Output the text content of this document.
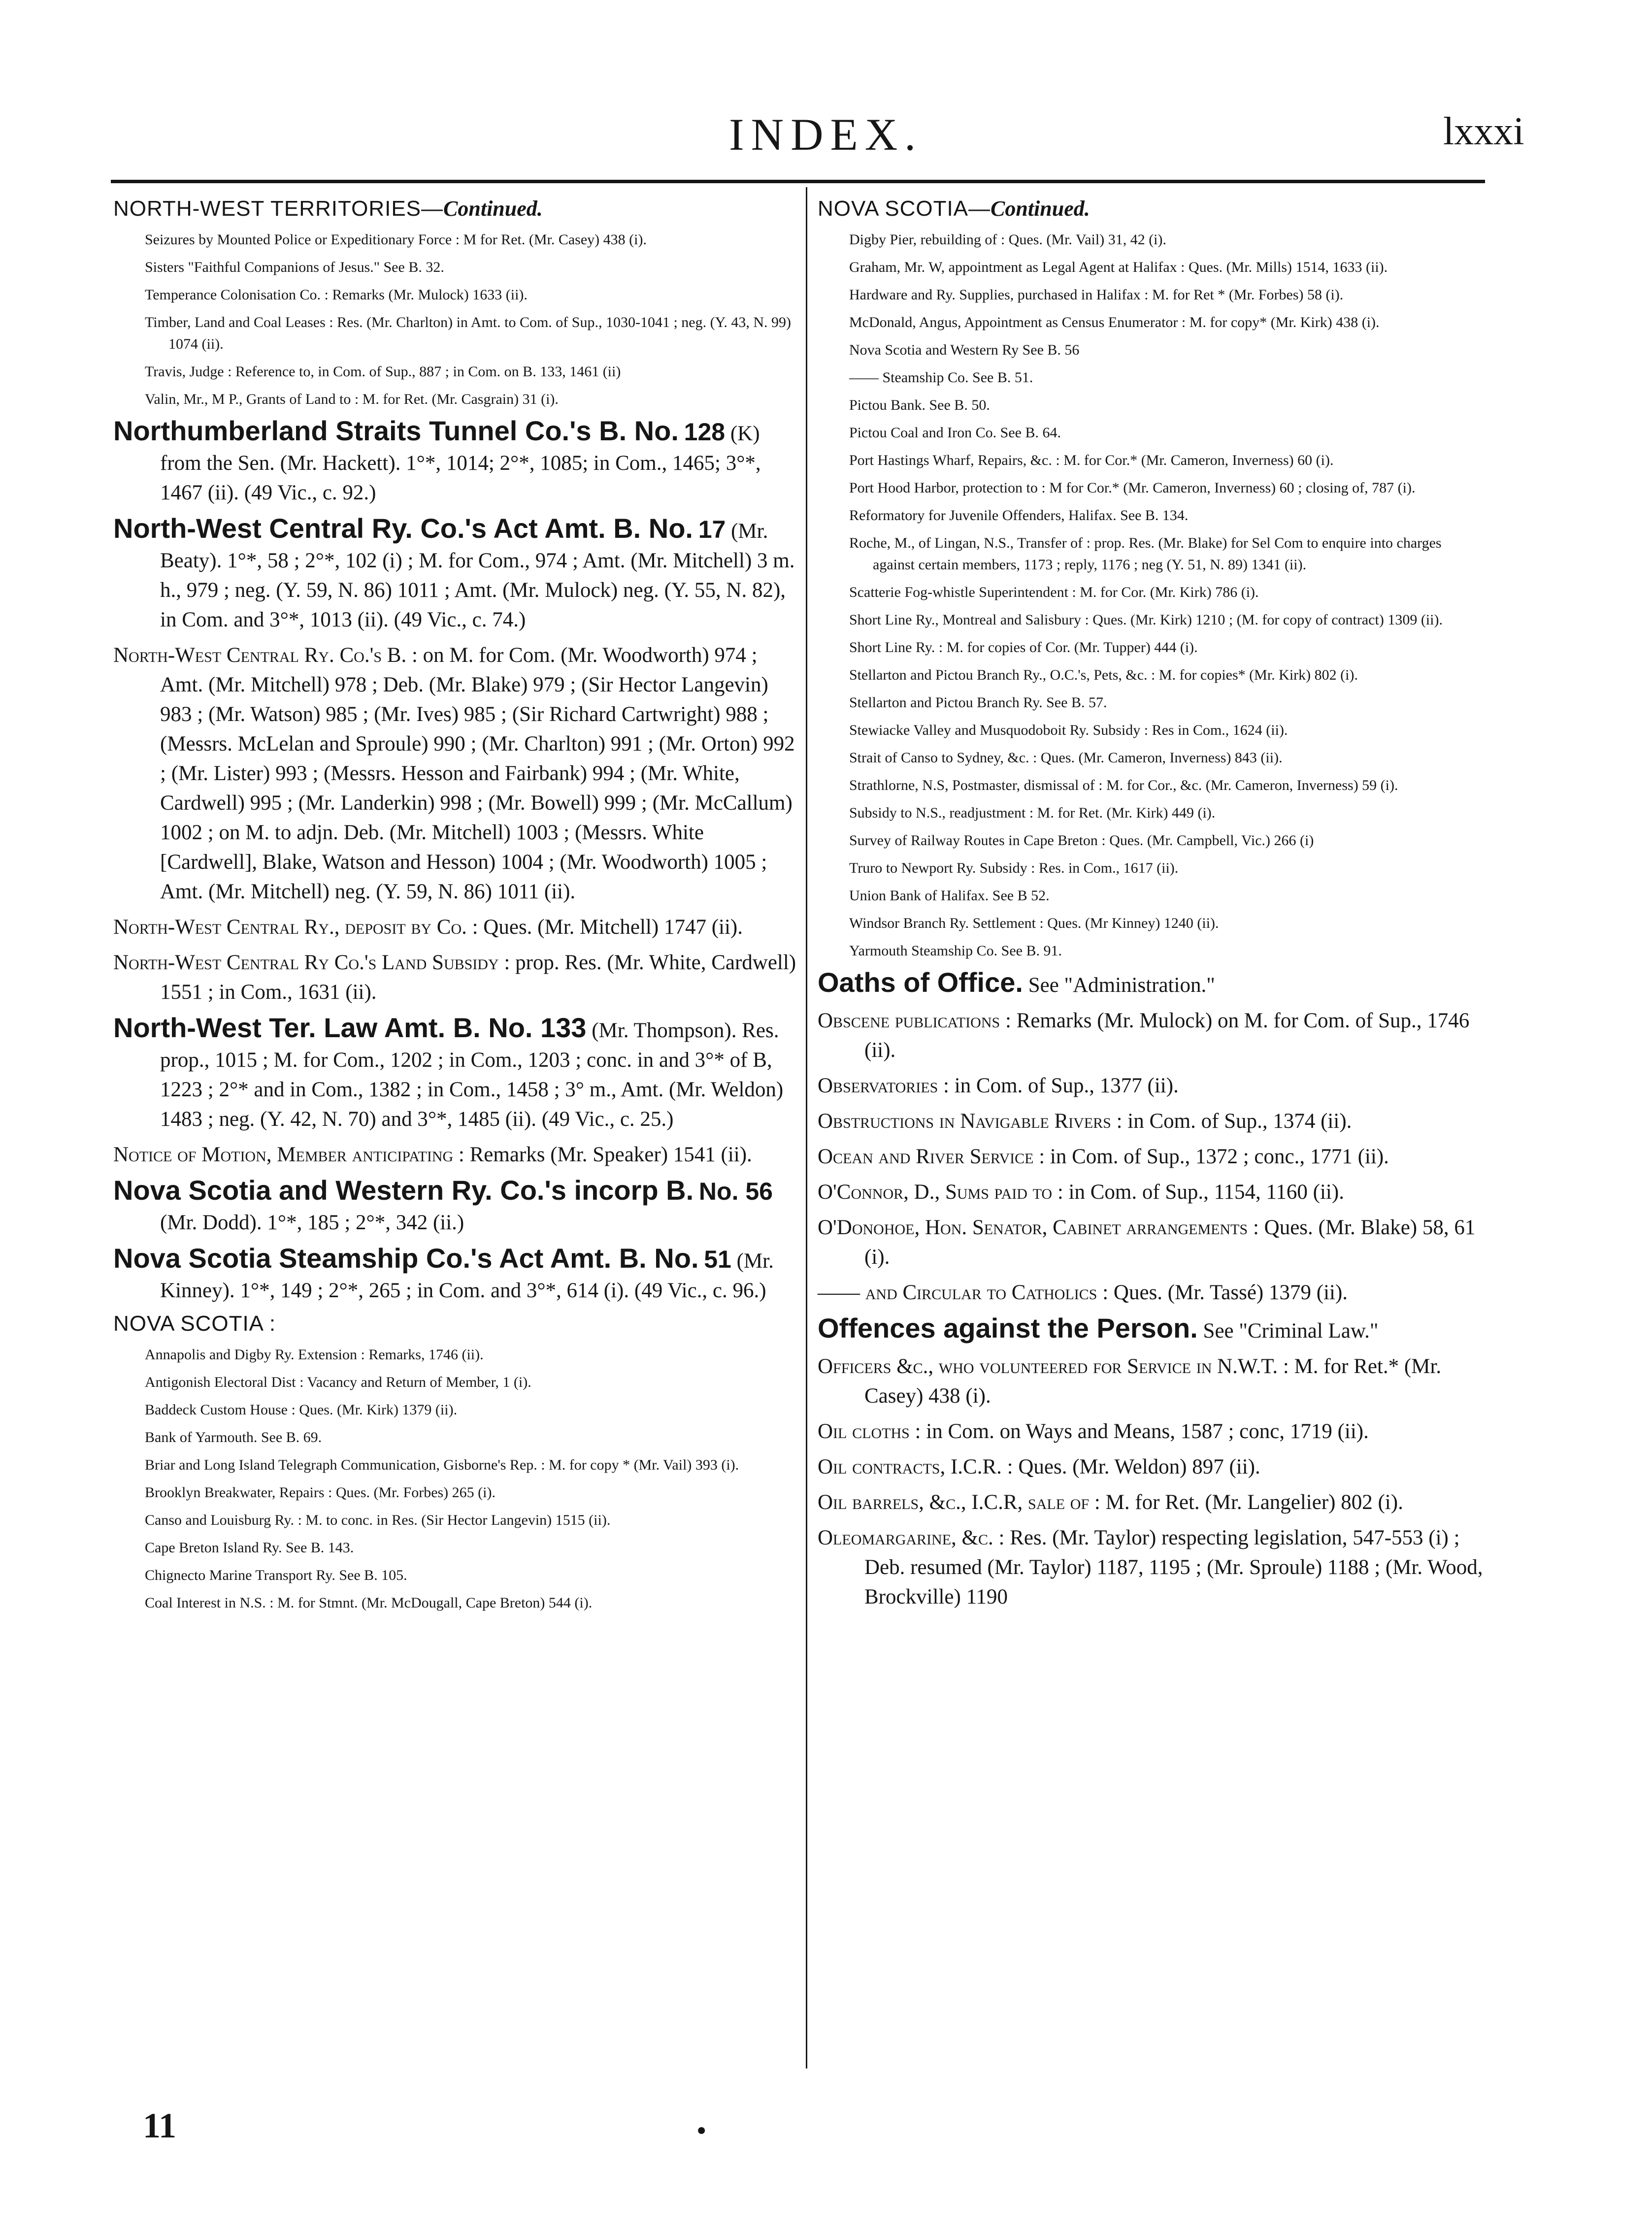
INDEX.	lxxxi
NORTH-WEST TERRITORIES—Continued.

Seizures by Mounted Police or Expeditionary Force : M for Ret. (Mr. Casey) 438 (i).

Sisters "Faithful Companions of Jesus." See B. 32.

Temperance Colonisation Co. : Remarks (Mr. Mulock) 1633 (ii).

Timber, Land and Coal Leases : Res. (Mr. Charlton) in Amt. to Com. of Sup., 1030-1041 ; neg. (Y. 43, N. 99) 1074 (ii).

Travis, Judge : Reference to, in Com. of Sup., 887 ; in Com. on B. 133, 1461 (ii)

Valin, Mr., M P., Grants of Land to : M. for Ret. (Mr. Casgrain) 31 (i).

Northumberland Straits Tunnel Co.'s B. No. 128 (K) from the Sen. (Mr. Hackett). 1°*, 1014; 2°*, 1085; in Com., 1465; 3°*, 1467 (ii). (49 Vic., c. 92.)

North-West Central Ry. Co.'s Act Amt. B. No. 17 (Mr. Beaty). 1°*, 58 ; 2°*, 102 (i) ; M. for Com., 974 ; Amt. (Mr. Mitchell) 3 m. h., 979 ; neg. (Y. 59, N. 86) 1011 ; Amt. (Mr. Mulock) neg. (Y. 55, N. 82), in Com. and 3°*, 1013 (ii). (49 Vic., c. 74.)

North-West Central Ry. Co.'s B. : on M. for Com. (Mr. Woodworth) 974 ; Amt. (Mr. Mitchell) 978 ; Deb. (Mr. Blake) 979 ; (Sir Hector Langevin) 983 ; (Mr. Watson) 985 ; (Mr. Ives) 985 ; (Sir Richard Cartwright) 988 ; (Messrs. McLelan and Sproule) 990 ; (Mr. Charlton) 991 ; (Mr. Orton) 992 ; (Mr. Lister) 993 ; (Messrs. Hesson and Fairbank) 994 ; (Mr. White, Cardwell) 995 ; (Mr. Landerkin) 998 ; (Mr. Bowell) 999 ; (Mr. McCallum) 1002 ; on M. to adjn. Deb. (Mr. Mitchell) 1003 ; (Messrs. White [Cardwell], Blake, Watson and Hesson) 1004 ; (Mr. Woodworth) 1005 ; Amt. (Mr. Mitchell) neg. (Y. 59, N. 86) 1011 (ii).

North-West Central Ry., deposit by Co. : Ques. (Mr. Mitchell) 1747 (ii).

North-West Central Ry Co.'s Land Subsidy : prop. Res. (Mr. White, Cardwell) 1551 ; in Com., 1631 (ii).

North-West Ter. Law Amt. B. No. 133 (Mr. Thompson). Res. prop., 1015 ; M. for Com., 1202 ; in Com., 1203 ; conc. in and 3°* of B, 1223 ; 2°* and in Com., 1382 ; in Com., 1458 ; 3° m., Amt. (Mr. Weldon) 1483 ; neg. (Y. 42, N. 70) and 3°*, 1485 (ii). (49 Vic., c. 25.)

Notice of Motion, Member anticipating : Remarks (Mr. Speaker) 1541 (ii).

Nova Scotia and Western Ry. Co.'s incorp B. No. 56 (Mr. Dodd). 1°*, 185 ; 2°*, 342 (ii.)

Nova Scotia Steamship Co.'s Act Amt. B. No. 51 (Mr. Kinney). 1°*, 149 ; 2°*, 265 ; in Com. and 3°*, 614 (i). (49 Vic., c. 96.)

NOVA SCOTIA :

Annapolis and Digby Ry. Extension : Remarks, 1746 (ii).

Antigonish Electoral Dist : Vacancy and Return of Member, 1 (i).

Baddeck Custom House : Ques. (Mr. Kirk) 1379 (ii).

Bank of Yarmouth. See B. 69.

Briar and Long Island Telegraph Communication, Gisborne's Rep. : M. for copy * (Mr. Vail) 393 (i).

Brooklyn Breakwater, Repairs : Ques. (Mr. Forbes) 265 (i).

Canso and Louisburg Ry. : M. to conc. in Res. (Sir Hector Langevin) 1515 (ii).

Cape Breton Island Ry. See B. 143.

Chignecto Marine Transport Ry. See B. 105.

Coal Interest in N.S. : M. for Stmnt. (Mr. McDougall, Cape Breton) 544 (i).

NOVA SCOTIA—Continued.

Digby Pier, rebuilding of : Ques. (Mr. Vail) 31, 42 (i).

Graham, Mr. W, appointment as Legal Agent at Halifax : Ques. (Mr. Mills) 1514, 1633 (ii).

Hardware and Ry. Supplies, purchased in Halifax : M. for Ret * (Mr. Forbes) 58 (i).

McDonald, Angus, Appointment as Census Enumerator : M. for copy* (Mr. Kirk) 438 (i).

Nova Scotia and Western Ry See B. 56

—— Steamship Co. See B. 51.

Pictou Bank. See B. 50.

Pictou Coal and Iron Co. See B. 64.

Port Hastings Wharf, Repairs, &c. : M. for Cor.* (Mr. Cameron, Inverness) 60 (i).

Port Hood Harbor, protection to : M for Cor.* (Mr. Cameron, Inverness) 60 ; closing of, 787 (i).

Reformatory for Juvenile Offenders, Halifax. See B. 134.

Roche, M., of Lingan, N.S., Transfer of : prop. Res. (Mr. Blake) for Sel Com to enquire into charges against certain members, 1173 ; reply, 1176 ; neg (Y. 51, N. 89) 1341 (ii).

Scatterie Fog-whistle Superintendent : M. for Cor. (Mr. Kirk) 786 (i).

Short Line Ry., Montreal and Salisbury : Ques. (Mr. Kirk) 1210 ; (M. for copy of contract) 1309 (ii).

Short Line Ry. : M. for copies of Cor. (Mr. Tupper) 444 (i).

Stellarton and Pictou Branch Ry., O.C.'s, Pets, &c. : M. for copies* (Mr. Kirk) 802 (i).

Stellarton and Pictou Branch Ry. See B. 57.

Stewiacke Valley and Musquodoboit Ry. Subsidy : Res in Com., 1624 (ii).

Strait of Canso to Sydney, &c. : Ques. (Mr. Cameron, Inverness) 843 (ii).

Strathlorne, N.S, Postmaster, dismissal of : M. for Cor., &c. (Mr. Cameron, Inverness) 59 (i).

Subsidy to N.S., readjustment : M. for Ret. (Mr. Kirk) 449 (i).

Survey of Railway Routes in Cape Breton : Ques. (Mr. Campbell, Vic.) 266 (i)

Truro to Newport Ry. Subsidy : Res. in Com., 1617 (ii).

Union Bank of Halifax. See B 52.

Windsor Branch Ry. Settlement : Ques. (Mr Kinney) 1240 (ii).

Yarmouth Steamship Co. See B. 91.

Oaths of Office. See "Administration."

Obscene publications : Remarks (Mr. Mulock) on M. for Com. of Sup., 1746 (ii).

Observatories : in Com. of Sup., 1377 (ii).

Obstructions in Navigable Rivers : in Com. of Sup., 1374 (ii).

Ocean and River Service : in Com. of Sup., 1372 ; conc., 1771 (ii).

O'Connor, D., Sums paid to : in Com. of Sup., 1154, 1160 (ii).

O'Donohoe, Hon. Senator, Cabinet arrangements : Ques. (Mr. Blake) 58, 61 (i).

—— and Circular to Catholics : Ques. (Mr. Tassé) 1379 (ii).

Offences against the Person. See "Criminal Law."

Officers &c., who volunteered for Service in N.W.T. : M. for Ret.* (Mr. Casey) 438 (i).

Oil cloths : in Com. on Ways and Means, 1587 ; conc, 1719 (ii).

Oil contracts, I.C.R. : Ques. (Mr. Weldon) 897 (ii).

Oil barrels, &c., I.C.R, sale of : M. for Ret. (Mr. Langelier) 802 (i).

Oleomargarine, &c. : Res. (Mr. Taylor) respecting legislation, 547-553 (i) ; Deb. resumed (Mr. Taylor) 1187, 1195 ; (Mr. Sproule) 1188 ; (Mr. Wood, Brockville) 1190

11	•
